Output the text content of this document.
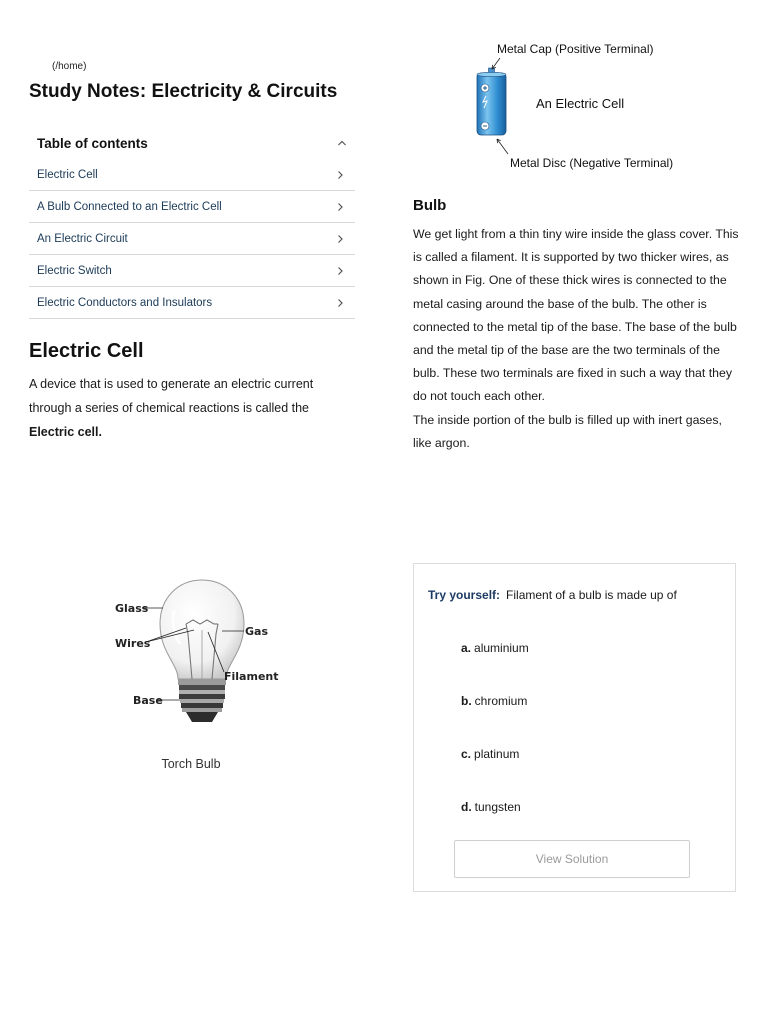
(/home)
Study Notes: Electricity & Circuits
Table of contents
Electric Cell
A Bulb Connected to an Electric Cell
An Electric Circuit
Electric Switch
Electric Conductors and Insulators
Electric Cell

A device that is used to generate an electric current through a series of chemical reactions is called the Electric cell.

Metal Cap (Positive Terminal)
An Electric Cell
Metal Disc (Negative Terminal)
Bulb
We get light from a thin tiny wire inside the glass cover. This is called a filament. It is supported by two thicker wires, as shown in Fig. One of these thick wires is connected to the metal casing around the base of the bulb. The other is connected to the metal tip of the base. The base of the bulb and the metal tip of the base are the two terminals of the bulb. These two terminals are fixed in such a way that they do not touch each other.
The inside portion of the bulb is filled up with inert gases, like argon.
Glass
Gas
Wires
Filament
Base
Torch Bulb
Try yourself: Filament of a bulb is made up of
a. aluminium
b. chromium
c. platinum
d. tungsten
View Solution
